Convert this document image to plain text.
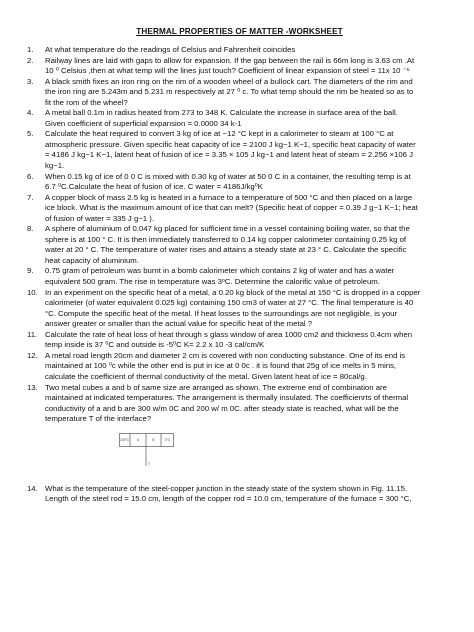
THERMAL PROPERTIES OF MATTER -WORKSHEET
1.	At what temperature do the readings of Celsius and Fahrenheit coincides
2.	Railway lines are laid with gaps to allow for expansion. If the gap between the rail is 66m long is 3.63 cm .At
10 ⁰ Celsius ,then at what temp will the lines just touch? Coefficient of linear expansion of steel = 11x 10 ⁻⁶
3.	A black smith fixes an iron ring on the rim of a wooden wheel of a bullock cart. The diameters of the rim and
the iron ring are 5.243m and 5.231 m respectively at 27 ⁰ c. To what temp should the rim be heated so as to
fit the rom of the wheel?
4.	A metal ball 0.1m in radius heated from 273 to 348 K. Calculate the increase in surface area of the ball.
Given coefficient of superficial expansion = 0.0000 34 k-1
5.	Calculate the heat required to convert 3 kg of ice at −12 °C kept in a calorimeter to steam at 100 °C at
atmospheric pressure. Given specific heat capacity of ice = 2100 J kg−1 K−1, specific heat capacity of water
= 4186 J kg−1 K−1, latent heat of fusion of ice = 3.35 × 105 J kg−1 and latent heat of steam = 2.256 ×106 J
kg−1.
6.	When 0.15 kg of ice of 0 0 C is mixed with 0.30 kg of water at 50 0 C in a container, the resulting temp is at
6.7 ⁰C.Calculate the heat of fusion of ice. C water = 4186J/kg⁰K
7.	A copper block of mass 2.5 kg is heated in a furnace to a temperature of 500 °C and then placed on a large
ice block. What is the maximum amount of ice that can melt? (Specific heat of copper = 0.39 J g−1 K−1; heat
of fusion of water = 335 J g−1 ).
8.	A sphere of aluminium of 0.047 kg placed for sufficient time in a vessel containing boiling water, so that the
sphere is at 100 ° C. It is then immediately transferred to 0.14 kg copper calorimeter containing 0.25 kg of
water at 20 ° C. The temperature of water rises and attains a steady state at 23 ° C. Calculate the specific
heat capacity of aluminium.
9.	0.75 gram of petroleum was burnt in a bomb calorimeter which contains 2 kg of water and has a water
equivalent 500 gram. The rise in temperature was 3ᵒC. Determine the calorific value of petroleum.
10. In an experiment on the specific heat of a metal, a 0.20 kg block of the metal at 150 °C is dropped in a copper
calorimeter (of water equivalent 0.025 kg) containing 150 cm3 of water at 27 °C. The final temperature is 40
°C. Compute the specific heat of the metal. If heat losses to the surroundings are not negligible, is your
answer greater or smaller than the actual value for specific heat of the metal ?
11.	Calculate the rate of heat loss of heat through s glass window of area 1000 cm2 and thickness 0.4cm when
temp inside is 37 ⁰C and outside is -5⁰C K= 2.2 x 10 -3 cal/cm/K
12. A metal road length 20cm and diameter 2 cm is covered with non conducting substance. One of its end is
maintained at 100 ⁰c while the other end is put in ice at 0 0c . it is found that 25g of ice melts in 5 mins,
calculate the coefficient of thermal conductivity of the metal. Given latent heat of ice = 80cal/g.
13. Two metal cubes a and b of same size are arranged as shown. The extreme end of combination are
maintained at indicated temperatures. The arrangement is thermally insulated. The coefficienrts of thermal
conductivity of a and b are 300 w/m 0C and 200 w/ m 0C. after steady state is reached, what will be the
temperature T of the interface?
100°C A	B	0°C
T
14. What is the temperature of the steel-copper junction in the steady state of the system shown in Fig. 11.15.
Length of the steel rod = 15.0 cm, length of the copper rod = 10.0 cm, temperature of the furnace = 300 °C,
